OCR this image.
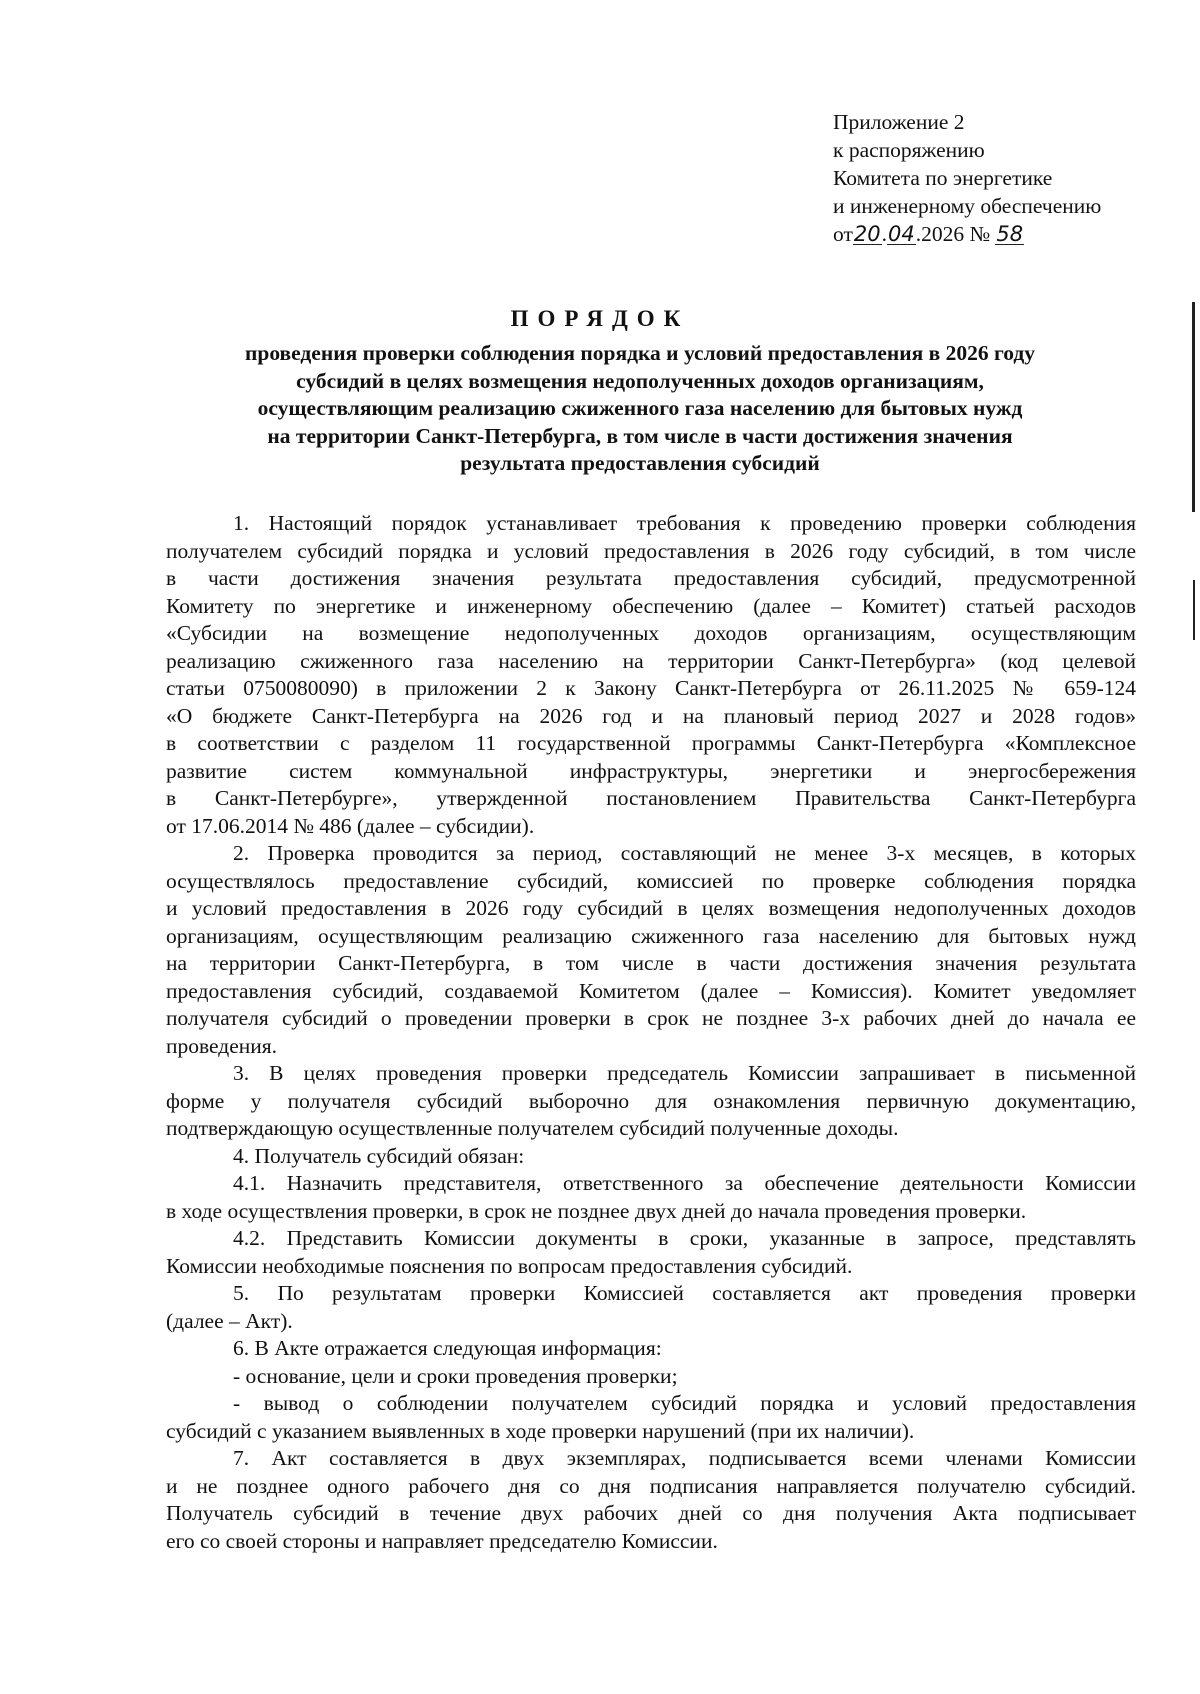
Приложение 2
к распоряжению
Комитета по энергетике
и инженерному обеспечению
от20.04.2026 № 58
ПОРЯДОК
проведения проверки соблюдения порядка и условий предоставления в 2026 году
субсидий в целях возмещения недополученных доходов организациям,
осуществляющим реализацию сжиженного газа населению для бытовых нужд
на территории Санкт-Петербурга, в том числе в части достижения значения
результата предоставления субсидий
1. Настоящий порядок устанавливает требования к проведению проверки соблюдения
получателем субсидий порядка и условий предоставления в 2026 году субсидий, в том числе
в части достижения значения результата предоставления субсидий, предусмотренной
Комитету по энергетике и инженерному обеспечению (далее – Комитет) статьей расходов
«Субсидии на возмещение недополученных доходов организациям, осуществляющим
реализацию сжиженного газа населению на территории Санкт-Петербурга» (код целевой
статьи 0750080090) в приложении 2 к Закону Санкт-Петербурга от 26.11.2025 № 659-124
«О бюджете Санкт-Петербурга на 2026 год и на плановый период 2027 и 2028 годов»
в соответствии с разделом 11 государственной программы Санкт-Петербурга «Комплексное
развитие систем коммунальной инфраструктуры, энергетики и энергосбережения
в Санкт-Петербурге», утвержденной постановлением Правительства Санкт-Петербурга
от 17.06.2014 № 486 (далее – субсидии).
2. Проверка проводится за период, составляющий не менее 3-х месяцев, в которых
осуществлялось предоставление субсидий, комиссией по проверке соблюдения порядка
и условий предоставления в 2026 году субсидий в целях возмещения недополученных доходов
организациям, осуществляющим реализацию сжиженного газа населению для бытовых нужд
на территории Санкт-Петербурга, в том числе в части достижения значения результата
предоставления субсидий, создаваемой Комитетом (далее – Комиссия). Комитет уведомляет
получателя субсидий о проведении проверки в срок не позднее 3-х рабочих дней до начала ее
проведения.
3. В целях проведения проверки председатель Комиссии запрашивает в письменной
форме у получателя субсидий выборочно для ознакомления первичную документацию,
подтверждающую осуществленные получателем субсидий полученные доходы.
4. Получатель субсидий обязан:
4.1. Назначить представителя, ответственного за обеспечение деятельности Комиссии
в ходе осуществления проверки, в срок не позднее двух дней до начала проведения проверки.
4.2. Представить Комиссии документы в сроки, указанные в запросе, представлять
Комиссии необходимые пояснения по вопросам предоставления субсидий.
5. По результатам проверки Комиссией составляется акт проведения проверки
(далее – Акт).
6. В Акте отражается следующая информация:
- основание, цели и сроки проведения проверки;
- вывод о соблюдении получателем субсидий порядка и условий предоставления
субсидий с указанием выявленных в ходе проверки нарушений (при их наличии).
7. Акт составляется в двух экземплярах, подписывается всеми членами Комиссии
и не позднее одного рабочего дня со дня подписания направляется получателю субсидий.
Получатель субсидий в течение двух рабочих дней со дня получения Акта подписывает
его со своей стороны и направляет председателю Комиссии.
